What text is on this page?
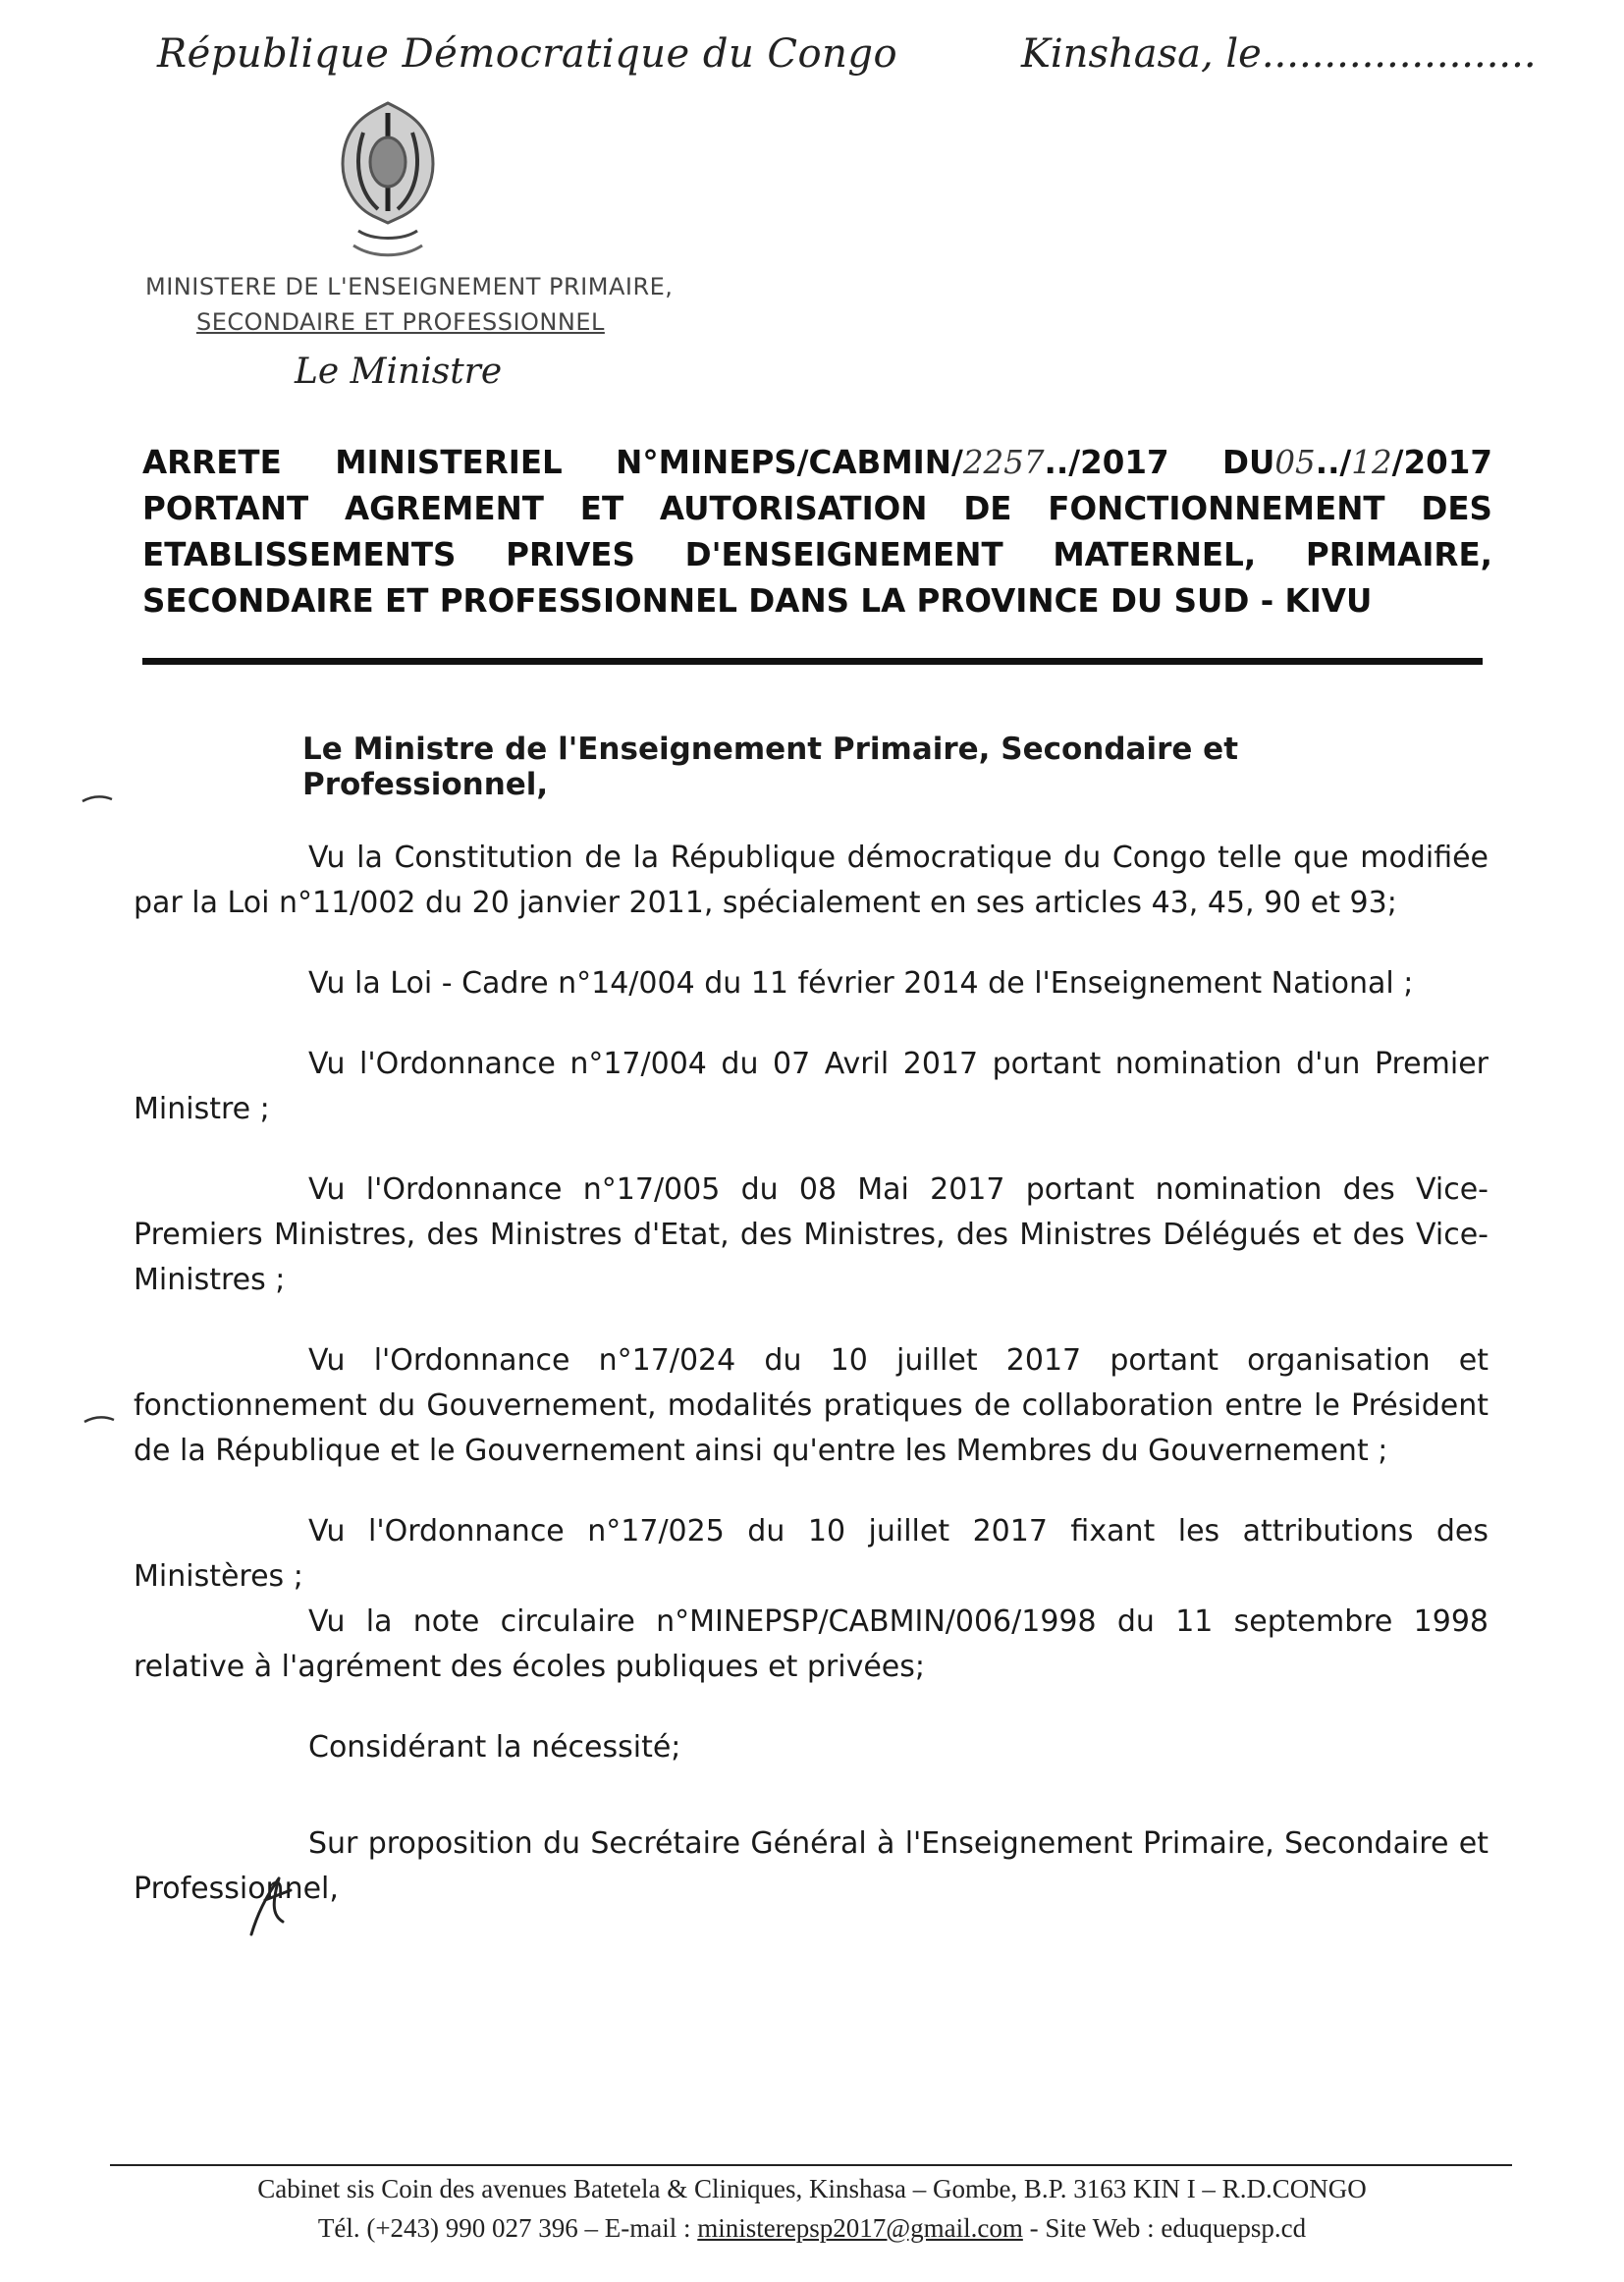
République Démocratique du Congo	Kinshasa, le......................
MINISTERE DE L'ENSEIGNEMENT PRIMAIRE,
SECONDAIRE ET PROFESSIONNEL
Le Ministre
ARRETE MINISTERIEL N°MINEPS/CABMIN/2257../2017 DU05../12/2017
PORTANT AGREMENT ET AUTORISATION DE FONCTIONNEMENT DES
ETABLISSEMENTS PRIVES D'ENSEIGNEMENT MATERNEL, PRIMAIRE,
SECONDAIRE ET PROFESSIONNEL DANS LA PROVINCE DU SUD - KIVU
Le Ministre de l'Enseignement Primaire, Secondaire et Professionnel,

Vu la Constitution de la République démocratique du Congo telle que modifiée par la Loi n°11/002 du 20 janvier 2011, spécialement en ses articles 43, 45, 90 et 93;

Vu la Loi - Cadre n°14/004 du 11 février 2014 de l'Enseignement National ;

Vu l'Ordonnance n°17/004 du 07 Avril 2017 portant nomination d'un Premier Ministre ;

Vu l'Ordonnance n°17/005 du 08 Mai 2017 portant nomination des Vice-Premiers Ministres, des Ministres d'Etat, des Ministres, des Ministres Délégués et des Vice-Ministres ;

Vu l'Ordonnance n°17/024 du 10 juillet 2017 portant organisation et fonctionnement du Gouvernement, modalités pratiques de collaboration entre le Président de la République et le Gouvernement ainsi qu'entre les Membres du Gouvernement ;

Vu l'Ordonnance n°17/025 du 10 juillet 2017 fixant les attributions des Ministères ;

Vu la note circulaire n°MINEPSP/CABMIN/006/1998 du 11 septembre 1998 relative à l'agrément des écoles publiques et privées;

Considérant la nécessité;

Sur proposition du Secrétaire Général à l'Enseignement Primaire, Secondaire et Professionnel,

Cabinet sis Coin des avenues Batetela & Cliniques, Kinshasa – Gombe, B.P. 3163 KIN I – R.D.CONGO
Tél. (+243) 990 027 396 – E-mail : ministerepsp2017@gmail.com - Site Web : eduquepsp.cd
